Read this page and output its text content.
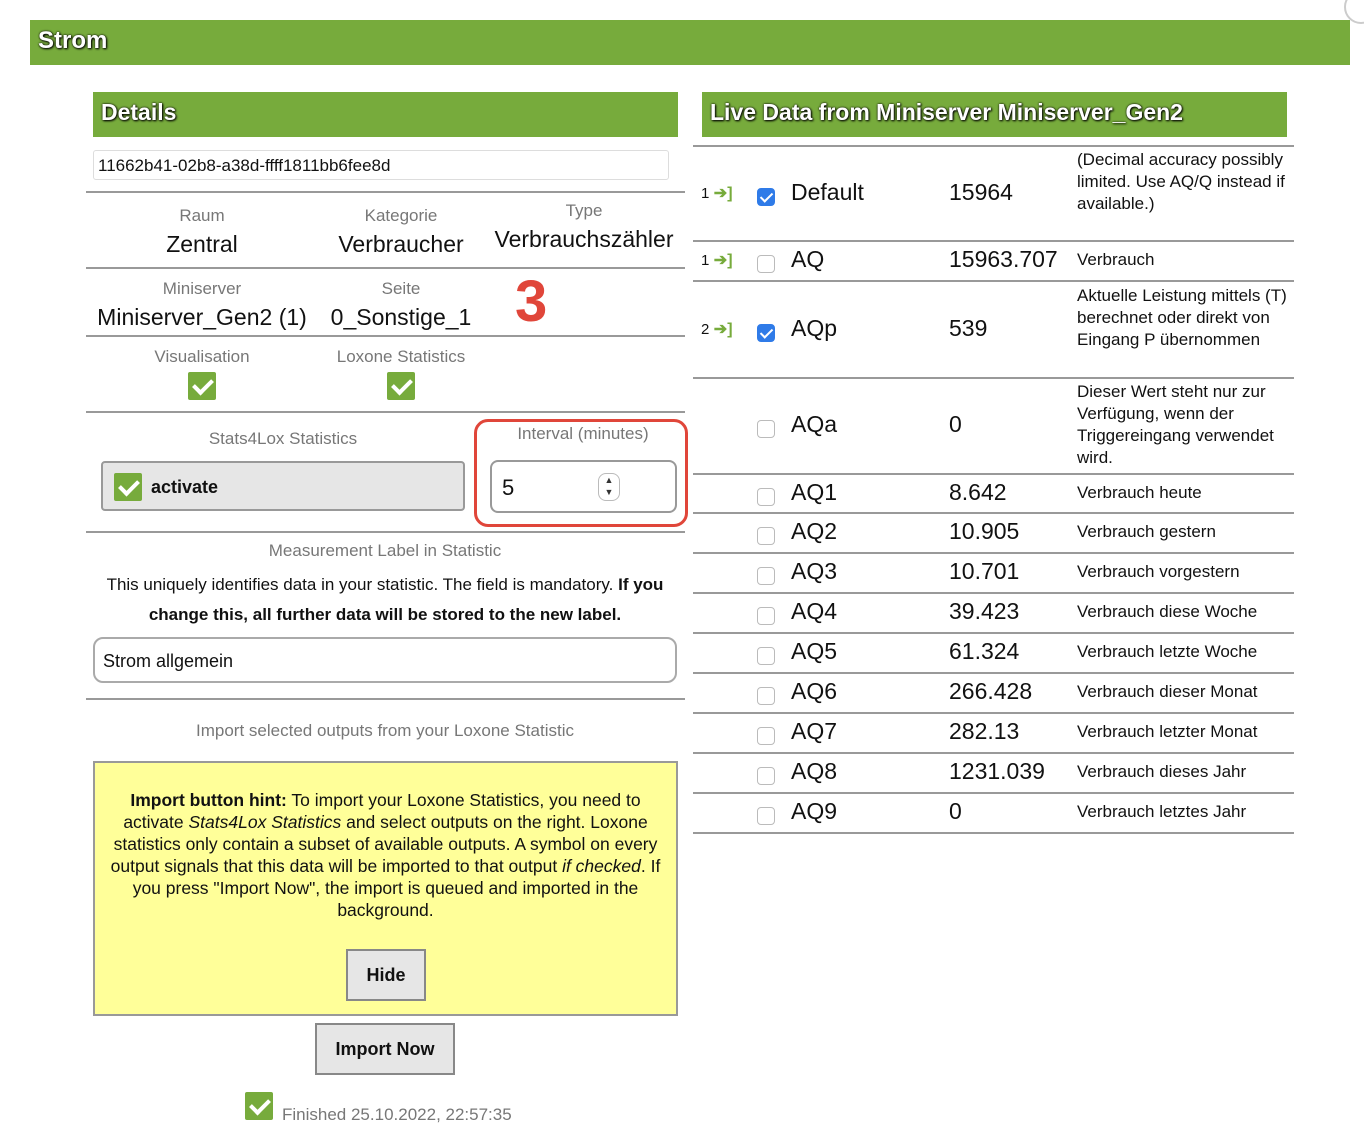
Strom
Details
11662b41-02b8-a38d-ffff1811bb6fee8d
Raum
Zentral
Kategorie
Verbraucher
Type
Verbrauchszähler
Miniserver
Miniserver_Gen2 (1)
Seite
0_Sonstige_1 3
Visualisation	Loxone Statistics
Stats4Lox Statistics
activate
Interval (minutes)
5	▲
▼
Measurement Label in Statistic
This uniquely identifies data in your statistic. The field is mandatory. If you change this, all further data will be stored to the new label.
Strom allgemein
Import selected outputs from your Loxone Statistic
Import button hint: To import your Loxone Statistics, you need to activate Stats4Lox Statistics and select outputs on the right. Loxone statistics only contain a subset of available outputs. A symbol on every output signals that this data will be imported to that output if checked. If you press "Import Now", the import is queued and imported in the background.
Hide
Import Now
Finished 25.10.2022, 22:57:35
Live Data from Miniserver Miniserver_Gen2
1 ➔]	Default	15964
(Decimal accuracy possibly limited. Use AQ/Q instead if available.)
1 ➔]	AQ	15963.707 Verbrauch
2 ➔]	AQp	539
Aktuelle Leistung mittels (T) berechnet oder direkt von Eingang P übernommen
AQa	0
Dieser Wert steht nur zur Verfügung, wenn der Triggereingang verwendet wird.
AQ1	8.642	Verbrauch heute
AQ2	10.905	Verbrauch gestern
AQ3	10.701	Verbrauch vorgestern
AQ4	39.423	Verbrauch diese Woche
AQ5	61.324	Verbrauch letzte Woche
AQ6	266.428	Verbrauch dieser Monat
AQ7	282.13	Verbrauch letzter Monat
AQ8	1231.039 Verbrauch dieses Jahr
AQ9	0	Verbrauch letztes Jahr
